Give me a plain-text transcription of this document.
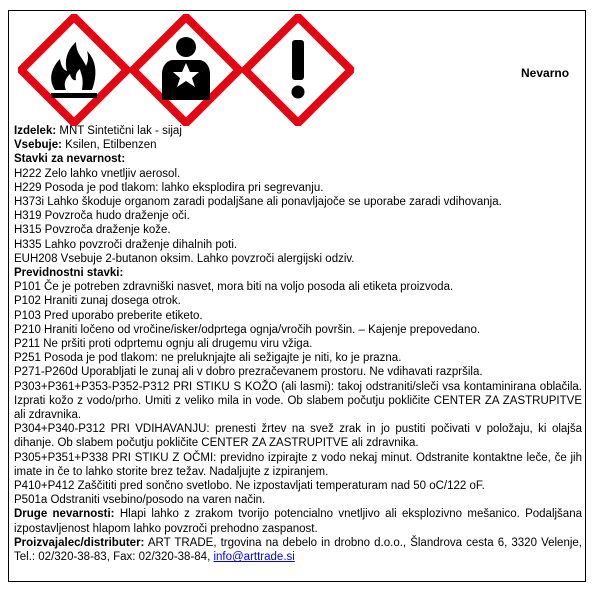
Nevarno
Izdelek: MNT Sintetični lak - sijaj
Vsebuje: Ksilen, Etilbenzen
Stavki za nevarnost:
H222 Zelo lahko vnetljiv aerosol.
H229 Posoda je pod tlakom: lahko eksplodira pri segrevanju.
H373i Lahko škoduje organom zaradi podaljšane ali ponavljajoče se uporabe zaradi vdihovanja.
H319 Povzroča hudo draženje oči.
H315 Povzroča draženje kože.
H335 Lahko povzroči draženje dihalnih poti.
EUH208 Vsebuje 2-butanon oksim. Lahko povzroči alergijski odziv.
Previdnostni stavki:
P101 Če je potreben zdravniški nasvet, mora biti na voljo posoda ali etiketa proizvoda.
P102 Hraniti zunaj dosega otrok.
P103 Pred uporabo preberite etiketo.
P210 Hraniti ločeno od vročine/isker/odprtega ognja/vročih površin. – Kajenje prepovedano.
P211 Ne pršiti proti odprtemu ognju ali drugemu viru vžiga.
P251 Posoda je pod tlakom: ne preluknjajte ali sežigajte je niti, ko je prazna.
P271-P260d Uporabljati le zunaj ali v dobro prezračevanem prostoru. Ne vdihavati razpršila.
P303+P361+P353-P352-P312 PRI STIKU S KOŽO (ali lasmi): takoj odstraniti/sleči vsa kontaminirana oblačila. Izprati kožo z vodo/prho. Umiti z veliko mila in vode. Ob slabem počutju pokličite CENTER ZA ZASTRUPITVE ali zdravnika.
P304+P340-P312 PRI VDIHAVANJU: prenesti žrtev na svež zrak in jo pustiti počivati v položaju, ki olajša dihanje. Ob slabem počutju pokličite CENTER ZA ZASTRUPITVE ali zdravnika.
P305+P351+P338 PRI STIKU Z OČMI: previdno izpirajte z vodo nekaj minut. Odstranite kontaktne leče, če jih imate in če to lahko storite brez težav. Nadaljujte z izpiranjem.
P410+P412 Zaščititi pred sončno svetlobo. Ne izpostavljati temperaturam nad 50 oC/122 oF.
P501a Odstraniti vsebino/posodo na varen način.
Druge nevarnosti: Hlapi lahko z zrakom tvorijo potencialno vnetljivo ali eksplozivno mešanico. Podaljšana izpostavljenost hlapom lahko povzroči prehodno zaspanost.
Proizvajalec/distributer: ART TRADE, trgovina na debelo in drobno d.o.o., Šlandrova cesta 6, 3320 Velenje, Tel.: 02/320-38-83, Fax: 02/320-38-84, info@arttrade.si
